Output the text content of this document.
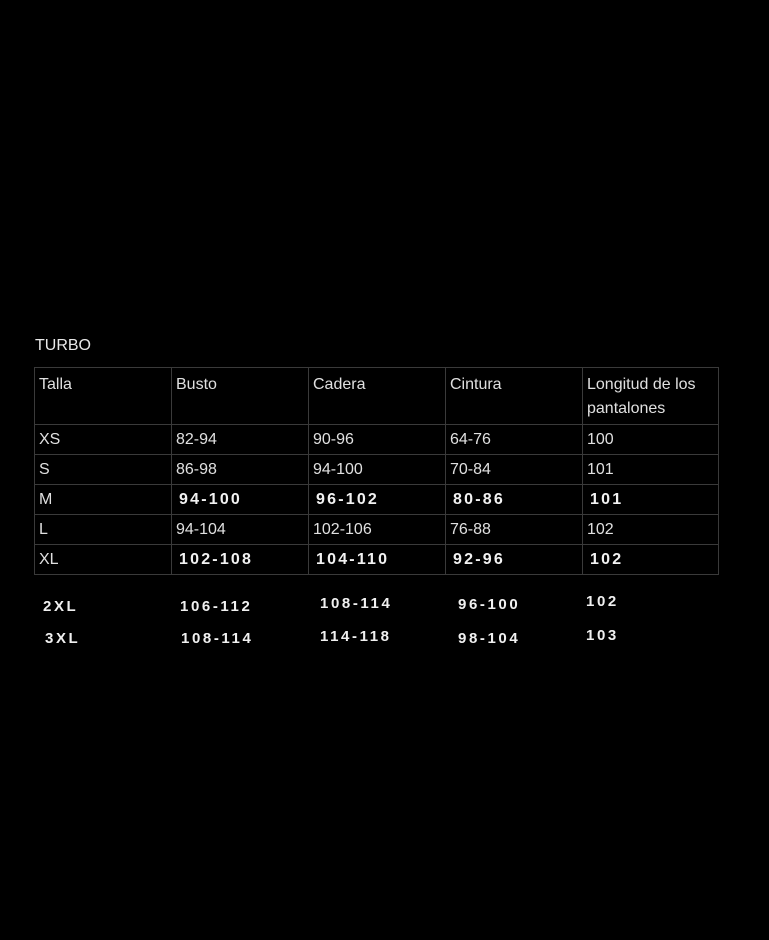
TURBO
Talla	Busto	Cadera	Cintura	Longitud de los pantalones
XS	82-94	90-96	64-76	100
S	86-98	94-100	70-84	101
M	94-100	96-102	80-86	101
L	94-104	102-106	76-88	102
XL	102-108	104-110	92-96	102
2XL	106-112	108-114	96-100	102
3XL	108-114	114-118	98-104	103
